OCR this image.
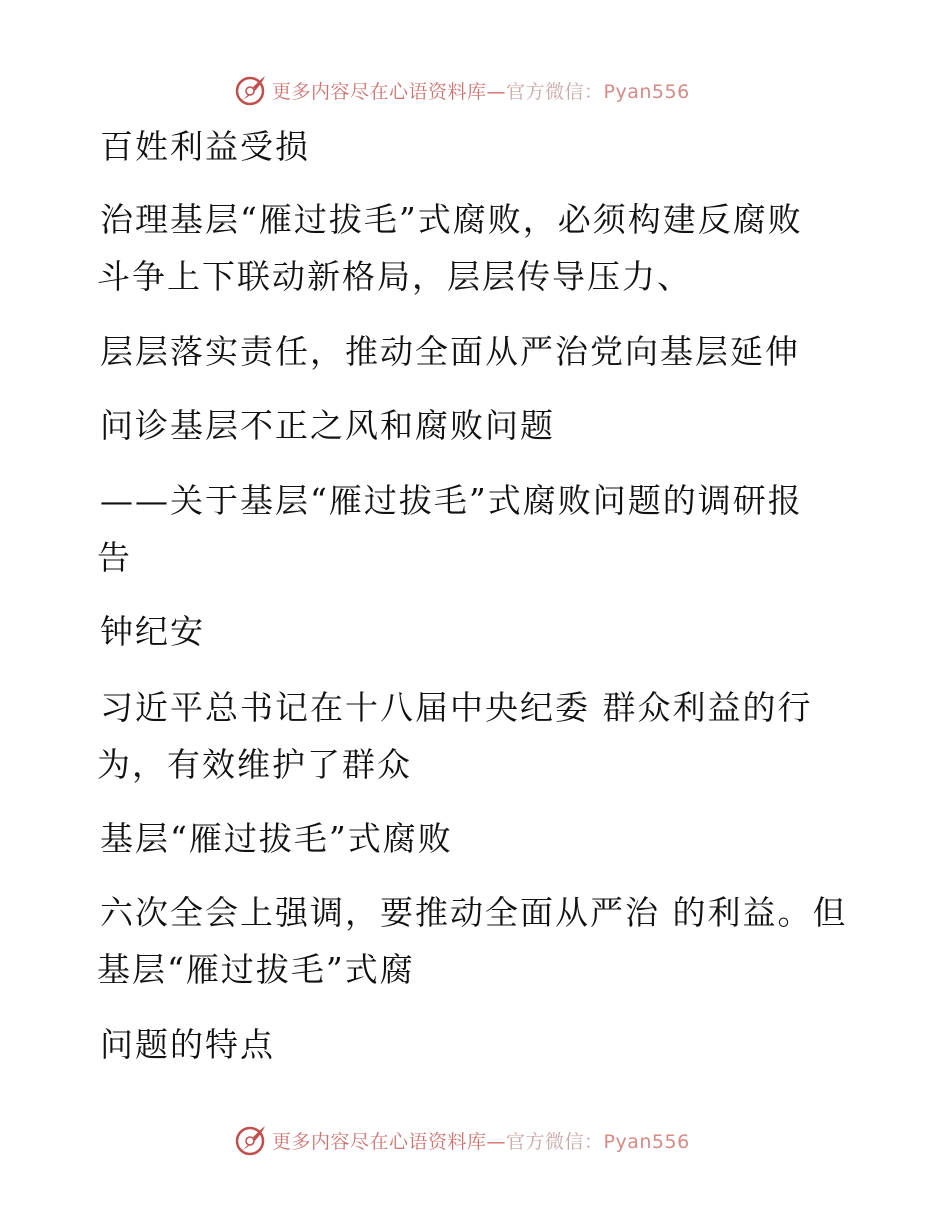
更多内容尽在心语资料库—官方微信：Pyan556
百姓利益受损
治理基层“雁过拔毛”式腐败，必须构建反腐败
斗争上下联动新格局，层层传导压力、
层层落实责任，推动全面从严治党向基层延伸
问诊基层不正之风和腐败问题
——关于基层“雁过拔毛”式腐败问题的调研报
告
钟纪安
习近平总书记在十八届中央纪委 群众利益的行
为，有效维护了群众
基层“雁过拔毛”式腐败
六次全会上强调，要推动全面从严治 的利益。但
基层“雁过拔毛”式腐
问题的特点
更多内容尽在心语资料库—官方微信：Pyan556
